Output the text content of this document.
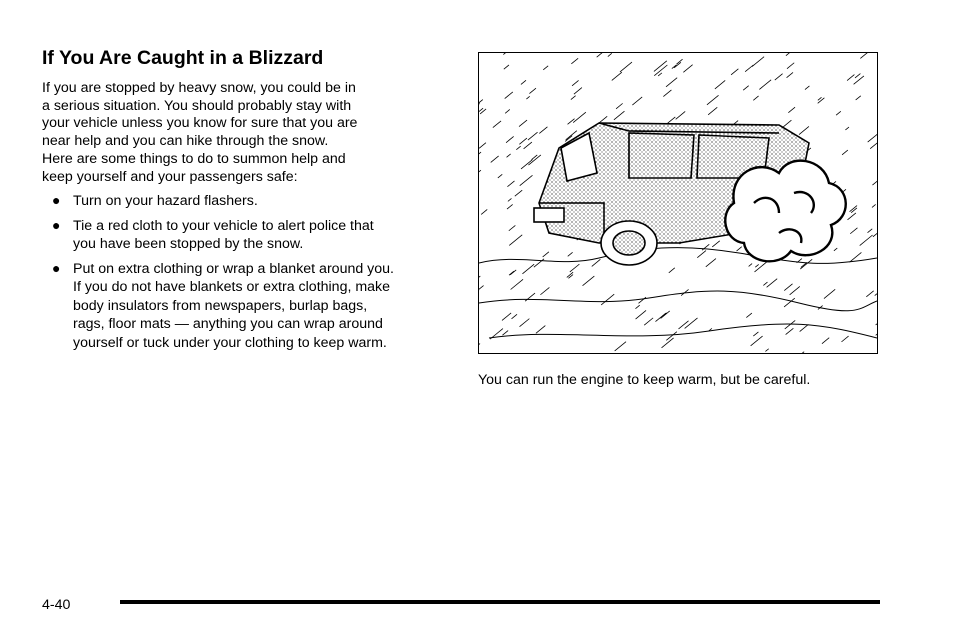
If You Are Caught in a Blizzard
If you are stopped by heavy snow, you could be in
a serious situation. You should probably stay with
your vehicle unless you know for sure that you are
near help and you can hike through the snow.
Here are some things to do to summon help and
keep yourself and your passengers safe:
● Turn on your hazard flashers.
● Tie a red cloth to your vehicle to alert police that
you have been stopped by the snow.
● Put on extra clothing or wrap a blanket around you.
If you do not have blankets or extra clothing, make
body insulators from newspapers, burlap bags,
rags, floor mats — anything you can wrap around
yourself or tuck under your clothing to keep warm.
You can run the engine to keep warm, but be careful.
4-40
